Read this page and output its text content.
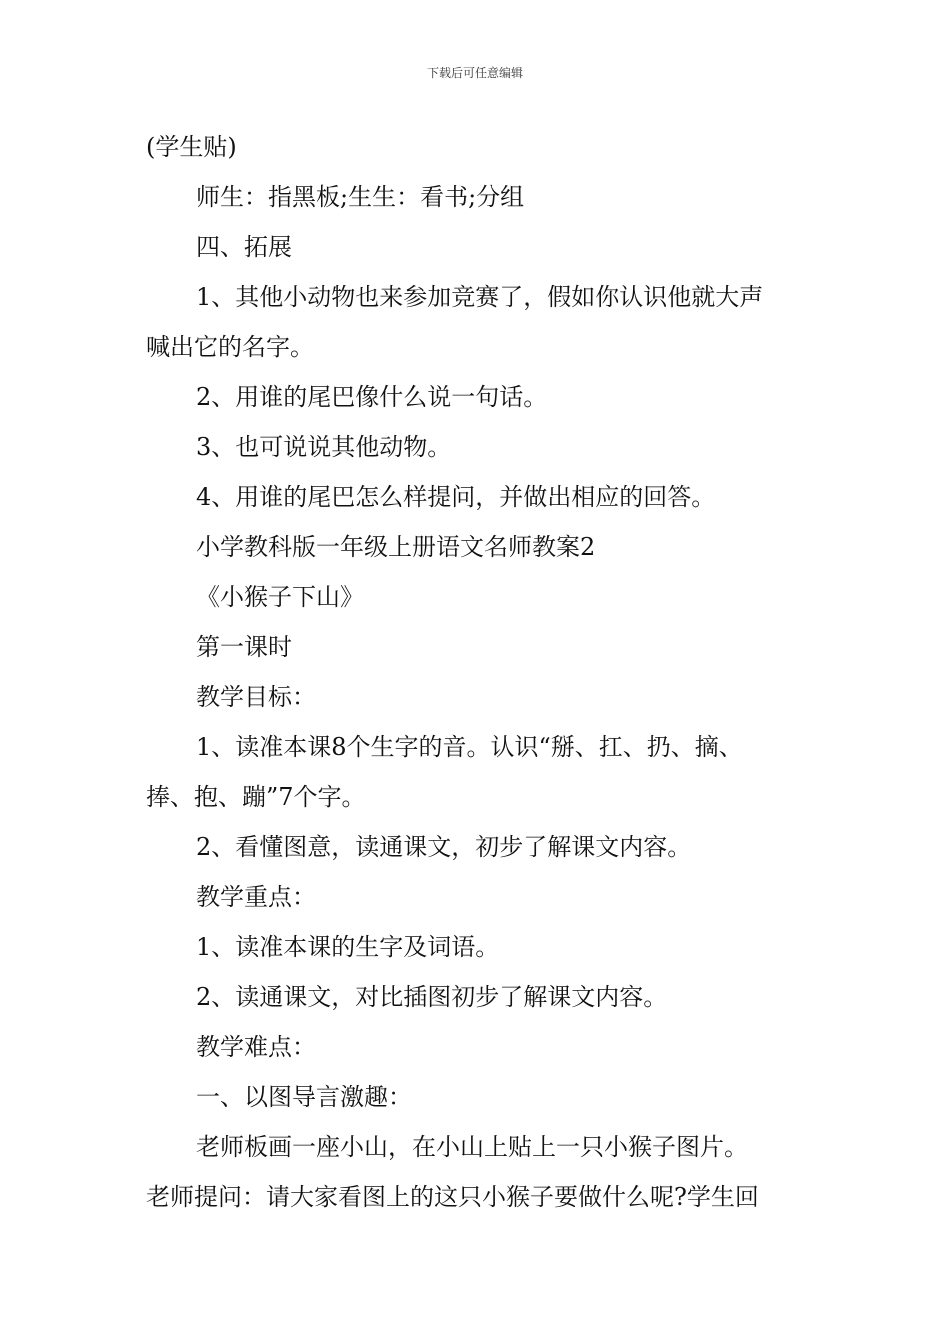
下载后可任意编辑

(学生贴)

师生：指黑板;生生：看书;分组

四、拓展

1、其他小动物也来参加竞赛了，假如你认识他就大声

喊出它的名字。

2、用谁的尾巴像什么说一句话。

3、也可说说其他动物。

4、用谁的尾巴怎么样提问，并做出相应的回答。

小学教科版一年级上册语文名师教案2

《小猴子下山》

第一课时

教学目标：

1、读准本课8个生字的音。认识“掰、扛、扔、摘、

捧、抱、蹦”7个字。

2、看懂图意，读通课文，初步了解课文内容。

教学重点：

1、读准本课的生字及词语。

2、读通课文，对比插图初步了解课文内容。

教学难点：

一、以图导言激趣：

老师板画一座小山，在小山上贴上一只小猴子图片。

老师提问：请大家看图上的这只小猴子要做什么呢?学生回
